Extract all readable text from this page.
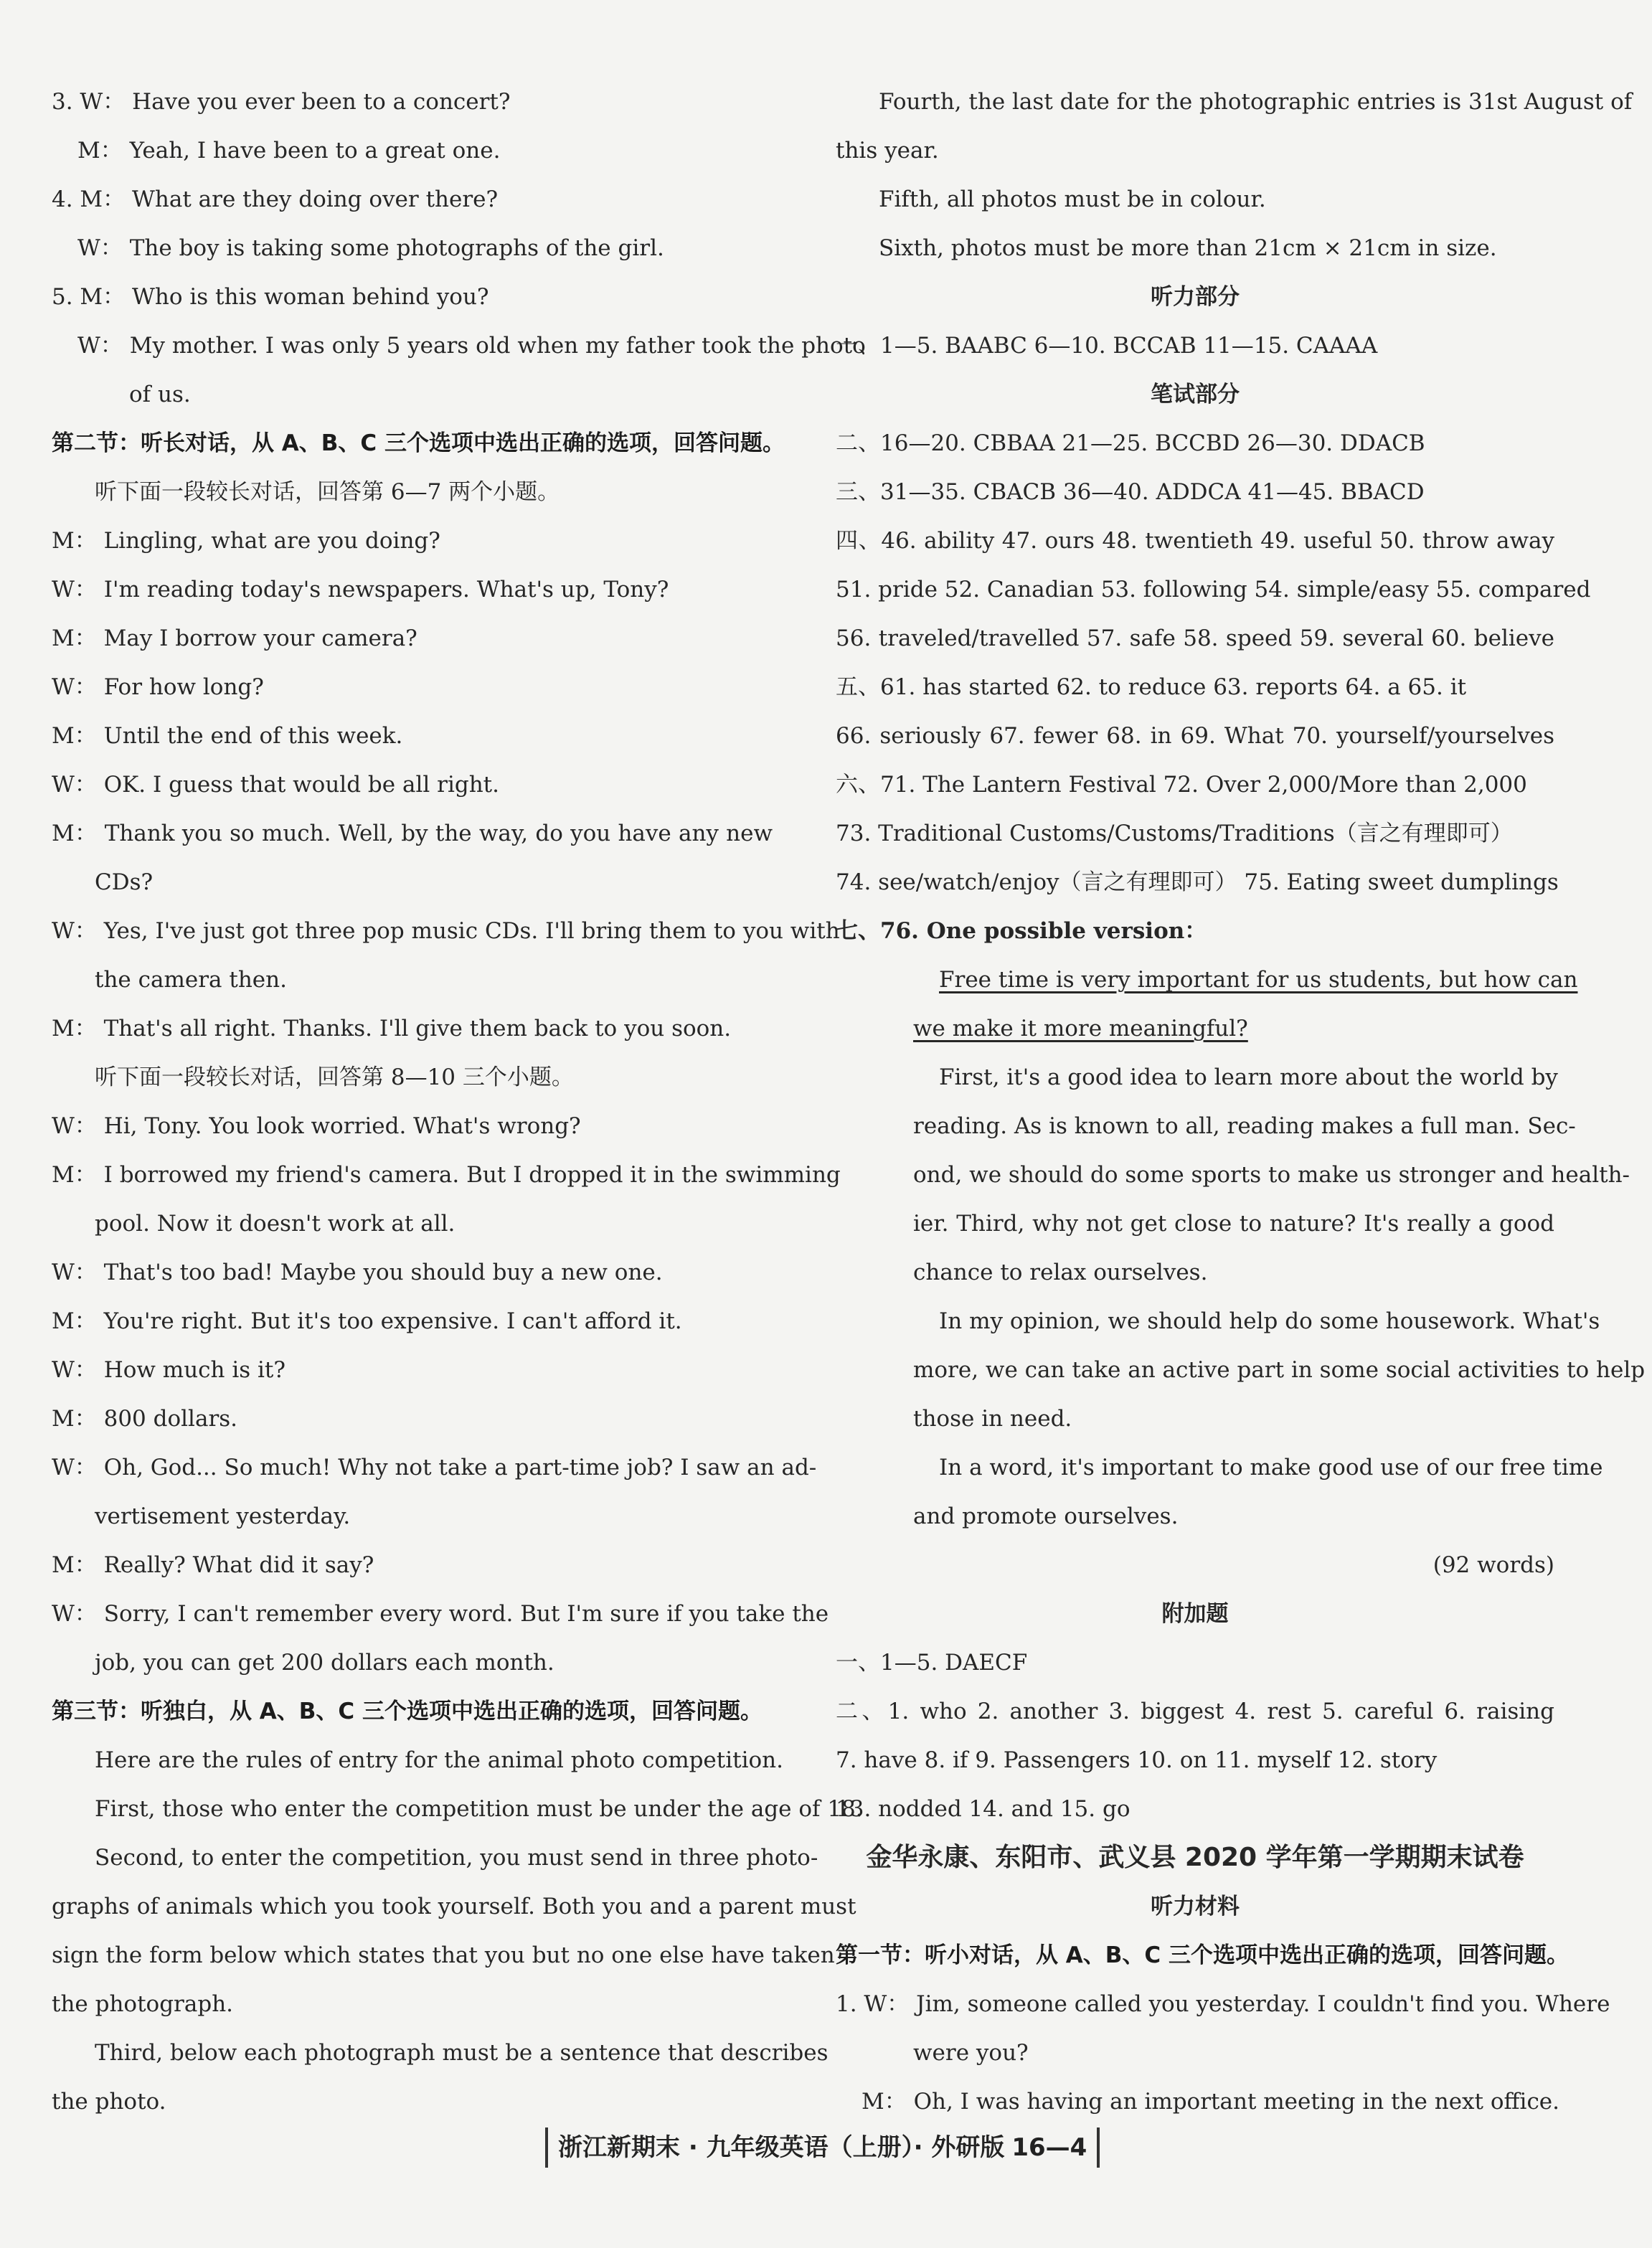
3. W： Have you ever been to a concert?
M： Yeah, I have been to a great one.
4. M： What are they doing over there?
W： The boy is taking some photographs of the girl.
5. M： Who is this woman behind you?
W： My mother. I was only 5 years old when my father took the photo
of us.
第二节：听长对话，从 A、B、C 三个选项中选出正确的选项，回答问题。
听下面一段较长对话，回答第 6—7 两个小题。
M： Lingling, what are you doing?
W： I'm reading today's newspapers. What's up, Tony?
M： May I borrow your camera?
W： For how long?
M： Until the end of this week.
W： OK. I guess that would be all right.
M： Thank you so much. Well, by the way, do you have any new
CDs?
W： Yes, I've just got three pop music CDs. I'll bring them to you with
the camera then.
M： That's all right. Thanks. I'll give them back to you soon.
听下面一段较长对话，回答第 8—10 三个小题。
W： Hi, Tony. You look worried. What's wrong?
M： I borrowed my friend's camera. But I dropped it in the swimming
pool. Now it doesn't work at all.
W： That's too bad! Maybe you should buy a new one.
M： You're right. But it's too expensive. I can't afford it.
W： How much is it?
M： 800 dollars.
W： Oh, God... So much! Why not take a part-time job? I saw an ad-
vertisement yesterday.
M： Really? What did it say?
W： Sorry, I can't remember every word. But I'm sure if you take the
job, you can get 200 dollars each month.
第三节：听独白，从 A、B、C 三个选项中选出正确的选项，回答问题。
Here are the rules of entry for the animal photo competition.
First, those who enter the competition must be under the age of 18.
Second, to enter the competition, you must send in three photo-
graphs of animals which you took yourself. Both you and a parent must
sign the form below which states that you but no one else have taken
the photograph.
Third, below each photograph must be a sentence that describes
the photo.
Fourth, the last date for the photographic entries is 31st August of
this year.
Fifth, all photos must be in colour.
Sixth, photos must be more than 21cm × 21cm in size.
听力部分
一、1—5. BAABC 6—10. BCCAB 11—15. CAAAA
笔试部分
二、16—20. CBBAA 21—25. BCCBD 26—30. DDACB
三、31—35. CBACB 36—40. ADDCA 41—45. BBACD
四、46. ability 47. ours 48. twentieth 49. useful 50. throw away
51. pride 52. Canadian 53. following 54. simple/easy 55. compared
56. traveled/travelled 57. safe 58. speed 59. several 60. believe
五、61. has started 62. to reduce 63. reports 64. a 65. it
66. seriously 67. fewer 68. in 69. What 70. yourself/yourselves
六、71. The Lantern Festival 72. Over 2,000/More than 2,000
73. Traditional Customs/Customs/Traditions（言之有理即可）
74. see/watch/enjoy（言之有理即可） 75. Eating sweet dumplings
七、76. One possible version：
Free time is very important for us students, but how can
we make it more meaningful?
First, it's a good idea to learn more about the world by
reading. As is known to all, reading makes a full man. Sec-
ond, we should do some sports to make us stronger and health-
ier. Third, why not get close to nature? It's really a good
chance to relax ourselves.
In my opinion, we should help do some housework. What's
more, we can take an active part in some social activities to help
those in need.
In a word, it's important to make good use of our free time
and promote ourselves.
(92 words)
附加题
一、1—5. DAECF
二、1. who 2. another 3. biggest 4. rest 5. careful 6. raising
7. have 8. if 9. Passengers 10. on 11. myself 12. story
13. nodded 14. and 15. go
金华永康、东阳市、武义县 2020 学年第一学期期末试卷
听力材料
第一节：听小对话，从 A、B、C 三个选项中选出正确的选项，回答问题。
1. W： Jim, someone called you yesterday. I couldn't find you. Where
were you?
M： Oh, I was having an important meeting in the next office.
浙江新期末 · 九年级英语（上册）· 外研版 16—4
